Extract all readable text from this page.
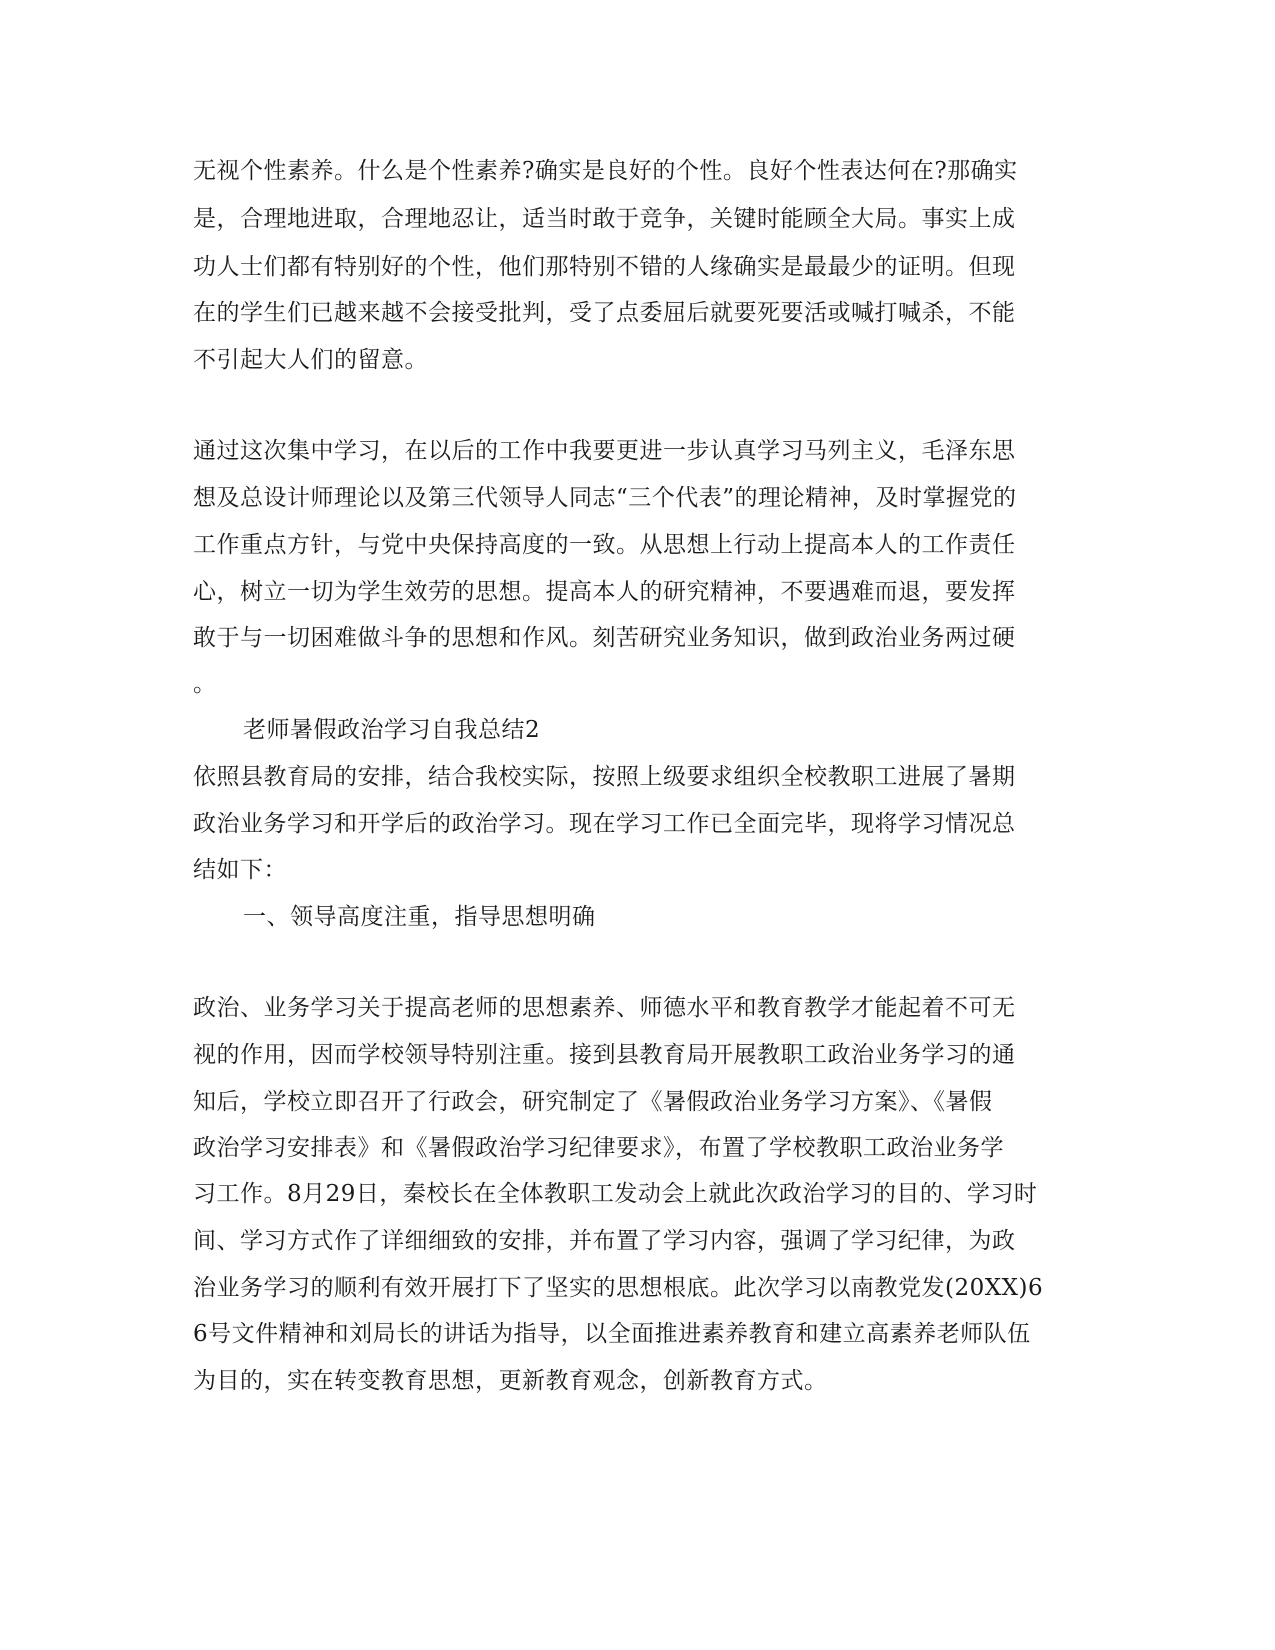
无视个性素养。什么是个性素养?确实是良好的个性。良好个性表达何在?那确实
是，合理地进取，合理地忍让，适当时敢于竞争，关键时能顾全大局。事实上成
功人士们都有特别好的个性，他们那特别不错的人缘确实是最最少的证明。但现
在的学生们已越来越不会接受批判，受了点委屈后就要死要活或喊打喊杀，不能
不引起大人们的留意。
通过这次集中学习，在以后的工作中我要更进一步认真学习马列主义，毛泽东思
想及总设计师理论以及第三代领导人同志“三个代表”的理论精神，及时掌握党的
工作重点方针，与党中央保持高度的一致。从思想上行动上提高本人的工作责任
心，树立一切为学生效劳的思想。提高本人的研究精神，不要遇难而退，要发挥
敢于与一切困难做斗争的思想和作风。刻苦研究业务知识，做到政治业务两过硬
。
老师暑假政治学习自我总结2
依照县教育局的安排，结合我校实际，按照上级要求组织全校教职工进展了暑期
政治业务学习和开学后的政治学习。现在学习工作已全面完毕，现将学习情况总
结如下：
一、领导高度注重，指导思想明确
政治、业务学习关于提高老师的思想素养、师德水平和教育教学才能起着不可无
视的作用，因而学校领导特别注重。接到县教育局开展教职工政治业务学习的通
知后，学校立即召开了行政会，研究制定了《暑假政治业务学习方案》、《暑假
政治学习安排表》和《暑假政治学习纪律要求》，布置了学校教职工政治业务学
习工作。8月29日，秦校长在全体教职工发动会上就此次政治学习的目的、学习时
间、学习方式作了详细细致的安排，并布置了学习内容，强调了学习纪律，为政
治业务学习的顺利有效开展打下了坚实的思想根底。此次学习以南教党发(20XX)6
6号文件精神和刘局长的讲话为指导，以全面推进素养教育和建立高素养老师队伍
为目的，实在转变教育思想，更新教育观念，创新教育方式。
